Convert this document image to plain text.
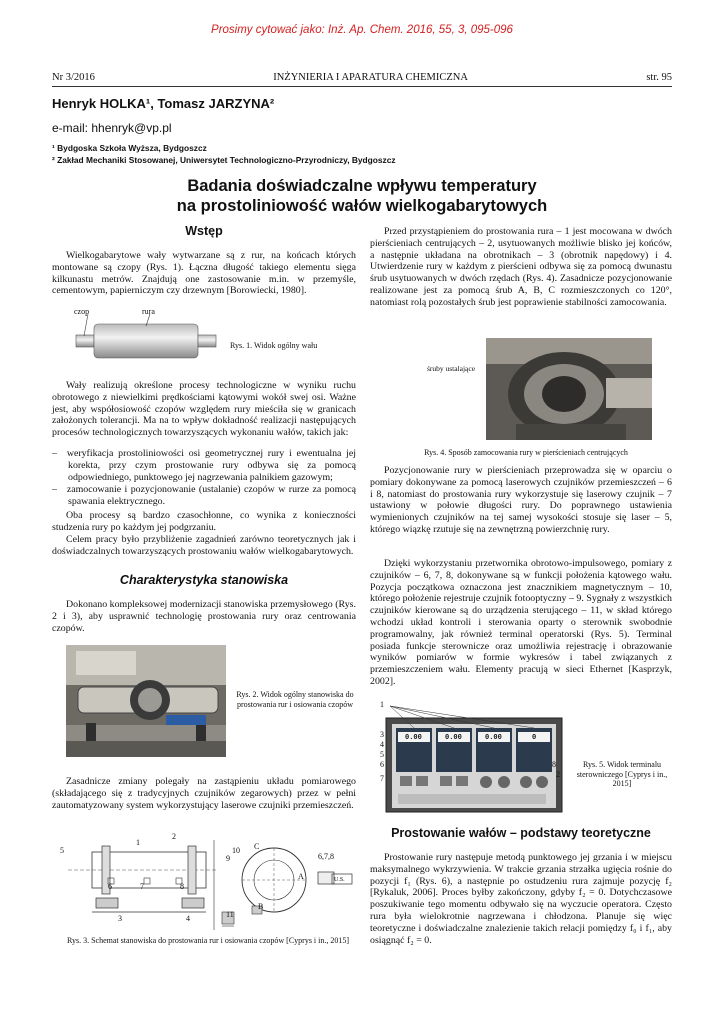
Prosimy cytować jako: Inż. Ap. Chem. 2016, 55, 3, 095-096
Nr 3/2016	INŻYNIERIA I APARATURA CHEMICZNA	str. 95
Henryk HOLKA¹, Tomasz JARZYNA²
e-mail: hhenryk@vp.pl
¹ Bydgoska Szkoła Wyższa, Bydgoszcz
² Zakład Mechaniki Stosowanej, Uniwersytet Technologiczno-Przyrodniczy, Bydgoszcz
Badania doświadczalne wpływu temperatury
na prostoliniowość wałów wielkogabarytowych
Wstęp
Wielkogabarytowe wały wytwarzane są z rur, na końcach których montowane są czopy (Rys. 1). Łączna długość takiego elementu sięga kilkunastu metrów. Znajdują one zastosowanie m.in. w przemyśle, cementowym, papierniczym czy drzewnym [Borowiecki, 1980].
czop	rura
Rys. 1. Widok ogólny wału
Wały realizują określone procesy technologiczne w wyniku ruchu obrotowego z niewielkimi prędkościami kątowymi wokół swej osi. Ważne jest, aby współosiowość czopów względem rury mieściła się w granicach założonych tolerancji. Ma na to wpływ dokładność realizacji następujących procesów technologicznych towarzyszących wykonaniu wałów, takich jak:
– weryfikacja prostoliniowości osi geometrycznej rury i ewentualna jej korekta, przy czym prostowanie rury odbywa się za pomocą odpowiedniego, punktowego jej nagrzewania palnikiem gazowym;
– zamocowanie i pozycjonowanie (ustalanie) czopów w rurze za pomocą spawania elektrycznego.
Oba procesy są bardzo czasochłonne, co wynika z konieczności studzenia rury po każdym jej podgrzaniu.
Celem pracy było przybliżenie zagadnień zarówno teoretycznych jak i doświadczalnych towarzyszących prostowaniu wałów wielkogabarytowych.
Charakterystyka stanowiska
Dokonano kompleksowej modernizacji stanowiska przemysłowego (Rys. 2 i 3), aby usprawnić technologię prostowania rury oraz centrowania czopów.
Rys. 2. Widok ogólny stanowiska do prostowania rur i osiowania czopów
Zasadnicze zmiany polegały na zastąpieniu układu pomiarowego (składającego się z tradycyjnych czujników zegarowych) przez w pełni zautomatyzowany system wykorzystujący laserowe czujniki przemieszczeń.
5
1
2
6	7	8
3	4
9
10 C
A
B
11
6,7,8
U.S.
Rys. 3. Schemat stanowiska do prostowania rur i osiowania czopów [Cyprys i in., 2015]
Przed przystąpieniem do prostowania rura – 1 jest mocowana w dwóch pierścieniach centrujących – 2, usytuowanych możliwie blisko jej końców, a następnie układana na obrotnikach – 3 (obrotnik napędowy) i 4. Utwierdzenie rury w każdym z pierścieni odbywa się za pomocą dwunastu śrub usytuowanych w dwóch rzędach (Rys. 4). Zasadnicze pozycjonowanie realizowane jest za pomocą śrub A, B, C rozmieszczonych co 120°, natomiast rolą pozostałych śrub jest poprawienie stabilności zamocowania.
śruby ustalające
Rys. 4. Sposób zamocowania rury w pierścieniach centrujących
Pozycjonowanie rury w pierścieniach przeprowadza się w oparciu o pomiary dokonywane za pomocą laserowych czujników przemieszczeń – 6 i 8, natomiast do prostowania rury wykorzystuje się laserowy czujnik – 7 ustawiony w połowie długości rury. Do poprawnego ustawienia wymienionych czujników na tej samej wysokości stosuje się laser – 5, którego wiązkę rzutuje się na zewnętrzną powierzchnię rury.
Dzięki wykorzystaniu przetwornika obrotowo-impulsowego, pomiary z czujników – 6, 7, 8, dokonywane są w funkcji położenia kątowego wału. Pozycja początkowa oznaczona jest znacznikiem magnetycznym – 10, którego położenie rejestruje czujnik fotooptyczny – 9. Sygnały z wszystkich czujników kierowane są do urządzenia sterującego – 11, w skład którego wchodzi układ kontroli i sterowania oparty o sterownik swobodnie programowalny, jak również terminal operatorski (Rys. 5). Terminal posiada funkcje sterownicze oraz umożliwia rejestrację i obrazowanie wyników pomiarów w formie wykresów i tabel związanych z przemieszczeniem wału. Elementy pracują w sieci Ethernet [Kasprzyk, 2002].
0.00	0.00	0.00	0
1
2
3
4
5
6
7
8	Rys. 5. Widok terminalu sterowniczego [Cyprys i in., 2015]
Prostowanie wałów – podstawy teoretyczne
Prostowanie rury następuje metodą punktowego jej grzania i w miejscu maksymalnego wykrzywienia. W trakcie grzania strzałka ugięcia rośnie do pozycji f₁ (Rys. 6), a następnie po ostudzeniu rura zajmuje pozycję f₂ [Rykaluk, 2006]. Proces byłby zakończony, gdyby f₂ = 0. Dotychczasowe poszukiwanie tego momentu odbywało się na wyczucie operatora. Często rura była wielokrotnie nagrzewana i chłodzona. Planuje się więc teoretyczne i doświadczalne znalezienie takich relacji pomiędzy f₀ i f₁, aby osiągnąć f₂ = 0.
